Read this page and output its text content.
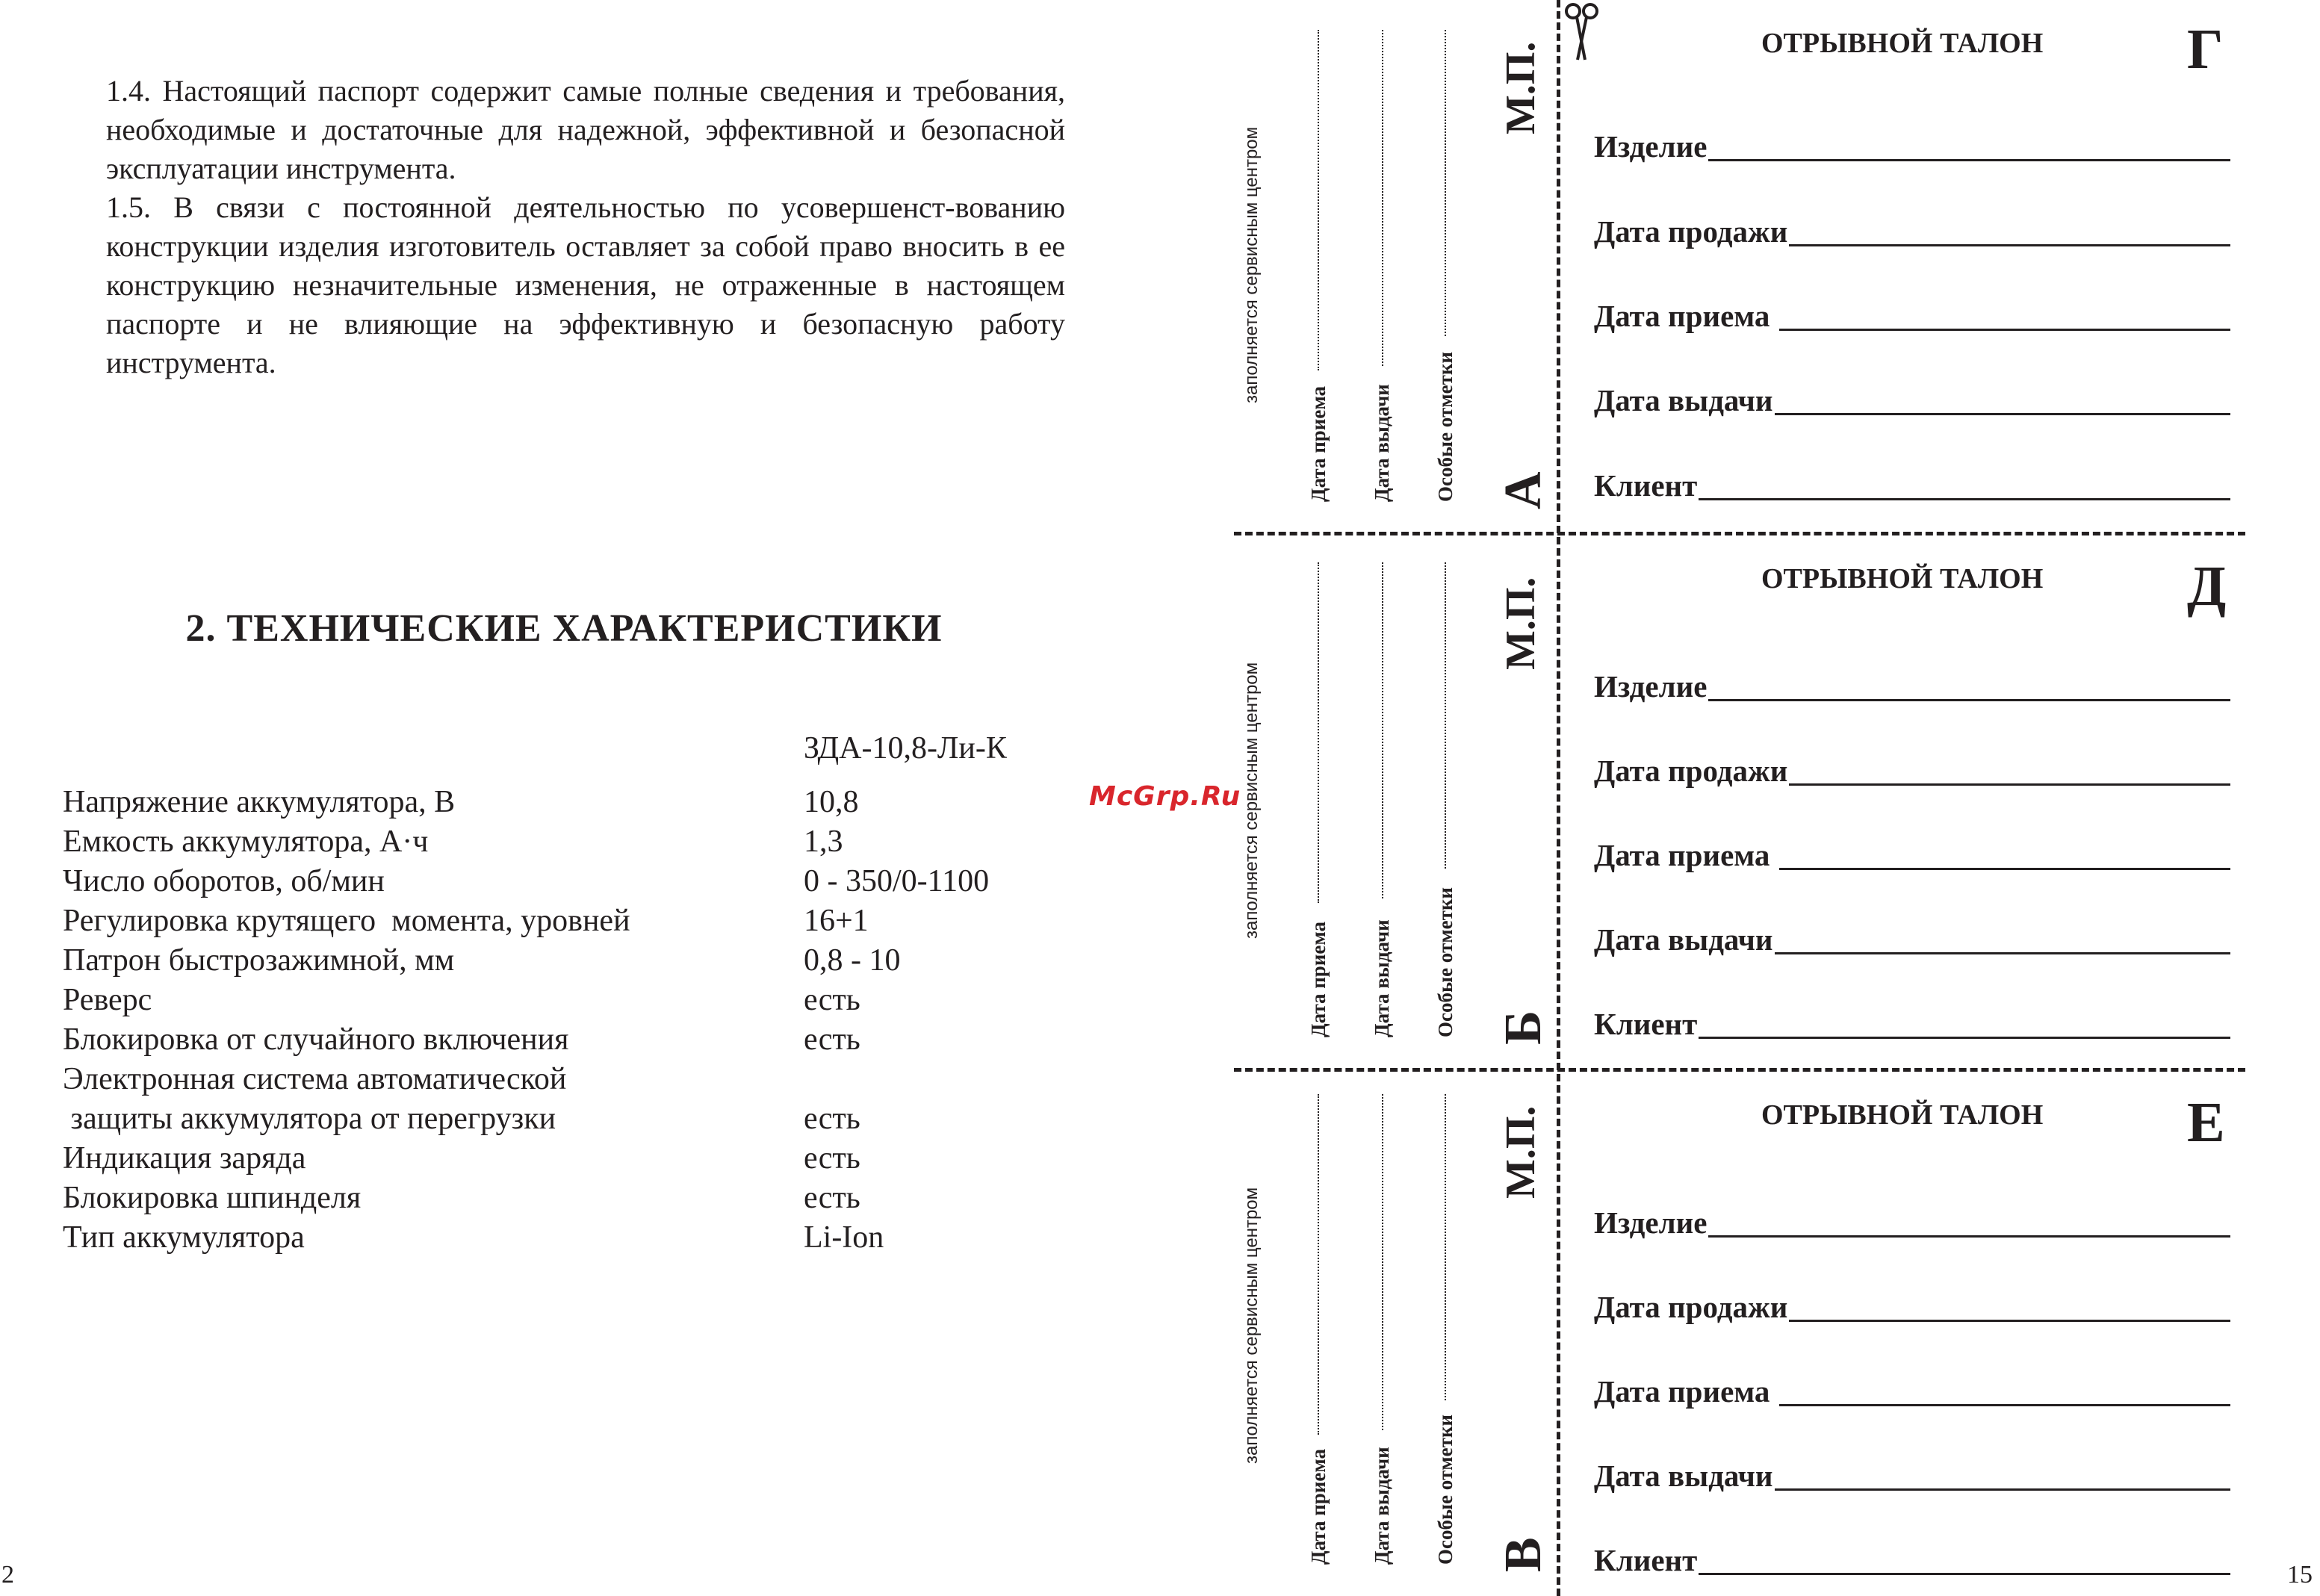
1.4. Настоящий паспорт содержит самые полные сведения и требования, необходимые и достаточные для надежной, эффективной и безопасной эксплуатации инструмента.
1.5. В связи с постоянной деятельностью по усовершенст-вованию конструкции изделия изготовитель оставляет за собой право вносить в ее конструкцию незначительные изменения, не отраженные в настоящем паспорте и не влияющие на эффективную и безопасную работу инструмента.
2. ТЕХНИЧЕСКИЕ ХАРАКТЕРИСТИКИ
ЗДА-10,8-Ли-К
Напряжение аккумулятора, В	10,8
Емкость аккумулятора, А·ч	1,3
Число оборотов, об/мин	0 - 350/0-1100
Регулировка крутящего  момента, уровней	16+1
Патрон быстрозажимной, мм	0,8 - 10
Реверс	есть
Блокировка от случайного включения	есть
Электронная система автоматической
защиты аккумулятора от перегрузки	есть
Индикация заряда	есть
Блокировка шпинделя	есть
Тип аккумулятора	Li-Ion
2
McGrp.Ru
заполняется сервисным центром
Дата приема Дата выдачи Особые отметки А
М.П.
заполняется сервисным центром
Дата приема Дата выдачи Особые отметки Б
М.П.
заполняется сервисным центром
Дата приема Дата выдачи Особые отметки В
М.П.
ОТРЫВНОЙ ТАЛОН	Г
Изделие
Дата продажи
Дата приема
Дата выдачи
Клиент
ОТРЫВНОЙ ТАЛОН	Д
Изделие
Дата продажи
Дата приема
Дата выдачи
Клиент
ОТРЫВНОЙ ТАЛОН	Е
Изделие
Дата продажи
Дата приема
Дата выдачи
Клиент	15
